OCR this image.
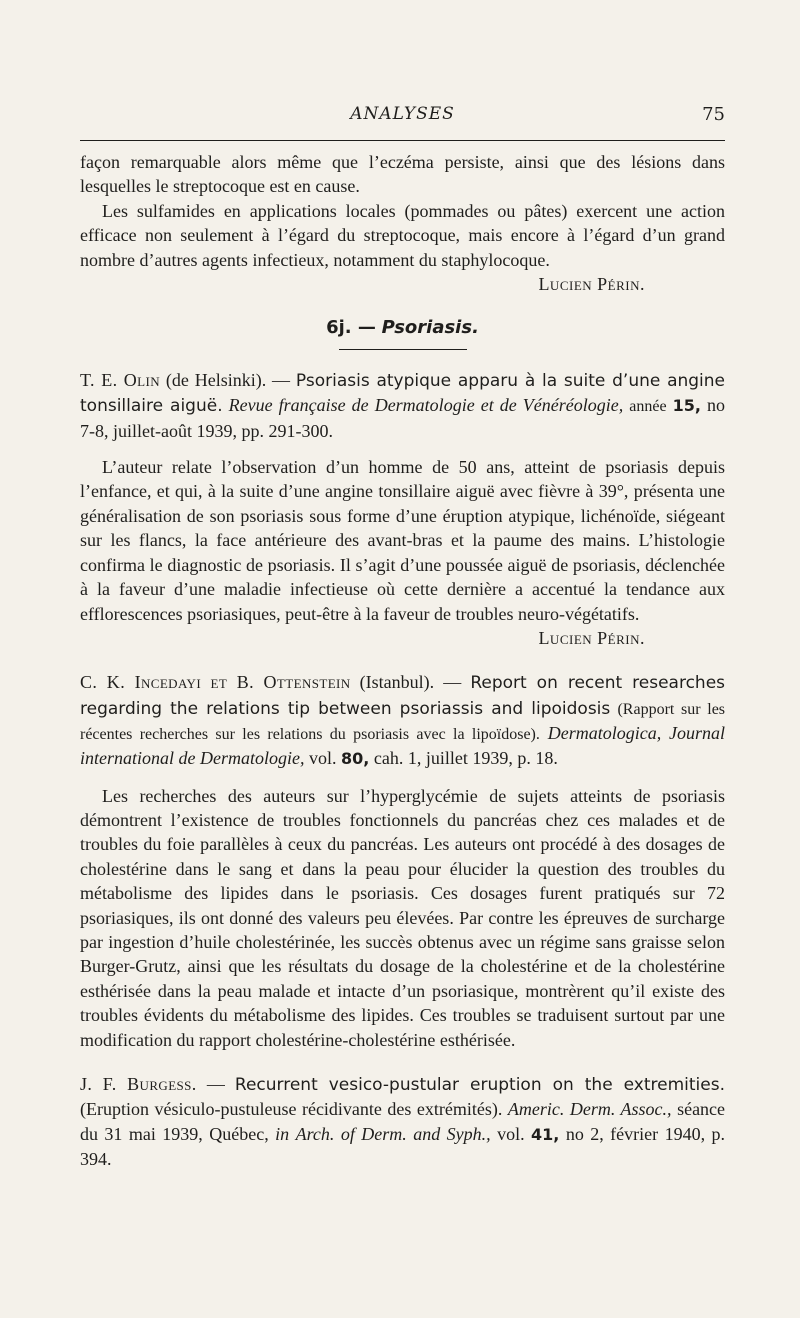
ANALYSES	75

façon remarquable alors même que l’eczéma persiste, ainsi que des lésions dans lesquelles le streptocoque est en cause.

Les sulfamides en applications locales (pommades ou pâtes) exercent une action efficace non seulement à l’égard du streptocoque, mais encore à l’égard d’un grand nombre d’autres agents infectieux, notamment du staphylocoque.
Lucien Périn.

6j. — Psoriasis.

T. E. Olin (de Helsinki). — Psoriasis atypique apparu à la suite d’une angine tonsillaire aiguë. Revue française de Dermatologie et de Vénéréologie, année 15, no 7-8, juillet-août 1939, pp. 291-300.

L’auteur relate l’observation d’un homme de 50 ans, atteint de psoriasis depuis l’enfance, et qui, à la suite d’une angine tonsillaire aiguë avec fièvre à 39°, présenta une généralisation de son psoriasis sous forme d’une éruption atypique, lichénoïde, siégeant sur les flancs, la face antérieure des avant-bras et la paume des mains. L’histologie confirma le diagnostic de psoriasis. Il s’agit d’une poussée aiguë de psoriasis, déclenchée à la faveur d’une maladie infectieuse où cette dernière a accentué la tendance aux efflorescences psoriasiques, peut-être à la faveur de troubles neuro-végétatifs.
Lucien Périn.

C. K. Incedayi et B. Ottenstein (Istanbul). — Report on recent researches regarding the relations tip between psoriassis and lipoidosis (Rapport sur les récentes recherches sur les relations du psoriasis avec la lipoïdose). Dermatologica, Journal international de Dermatologie, vol. 80, cah. 1, juillet 1939, p. 18.

Les recherches des auteurs sur l’hyperglycémie de sujets atteints de psoriasis démontrent l’existence de troubles fonctionnels du pancréas chez ces malades et de troubles du foie parallèles à ceux du pancréas. Les auteurs ont procédé à des dosages de cholestérine dans le sang et dans la peau pour élucider la question des troubles du métabolisme des lipides dans le psoriasis. Ces dosages furent pratiqués sur 72 psoriasiques, ils ont donné des valeurs peu élevées. Par contre les épreuves de surcharge par ingestion d’huile cholestérinée, les succès obtenus avec un régime sans graisse selon Burger-Grutz, ainsi que les résultats du dosage de la cholestérine et de la cholestérine esthérisée dans la peau malade et intacte d’un psoriasique, montrèrent qu’il existe des troubles évidents du métabolisme des lipides. Ces troubles se traduisent surtout par une modification du rapport cholestérine-cholestérine esthérisée.

J. F. Burgess. — Recurrent vesico-pustular eruption on the extremities. (Eruption vésiculo-pustuleuse récidivante des extrémités). Americ. Derm. Assoc., séance du 31 mai 1939, Québec, in Arch. of Derm. and Syph., vol. 41, no 2, février 1940, p. 394.
